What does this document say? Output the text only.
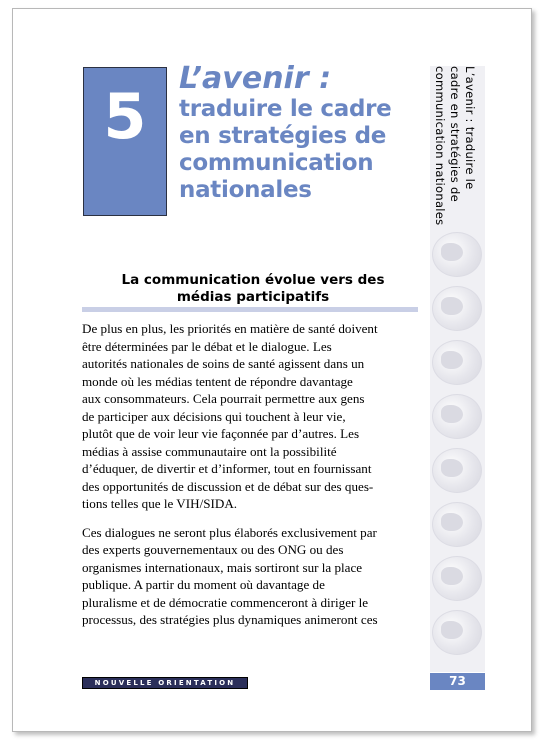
L’avenir : traduire le
cadre en stratégies de
communication nationales
5
L’avenir :
traduire le cadre
en stratégies de
communication
nationales
La communication évolue vers des
médias participatifs

De plus en plus, les priorités en matière de santé doivent
être déterminées par le débat et le dialogue. Les
autorités nationales de soins de santé agissent dans un
monde où les médias tentent de répondre davantage
aux consommateurs. Cela pourrait permettre aux gens
de participer aux décisions qui touchent à leur vie,
plutôt que de voir leur vie façonnée par d’autres. Les
médias à assise communautaire ont la possibilité
d’éduquer, de divertir et d’informer, tout en fournissant
des opportunités de discussion et de débat sur des ques-
tions telles que le VIH/SIDA.

Ces dialogues ne seront plus élaborés exclusivement par
des experts gouvernementaux ou des ONG ou des
organismes internationaux, mais sortiront sur la place
publique. A partir du moment où davantage de
pluralisme et de démocratie commenceront à diriger le
processus, des stratégies plus dynamiques animeront ces

NOUVELLE ORIENTATION	73
